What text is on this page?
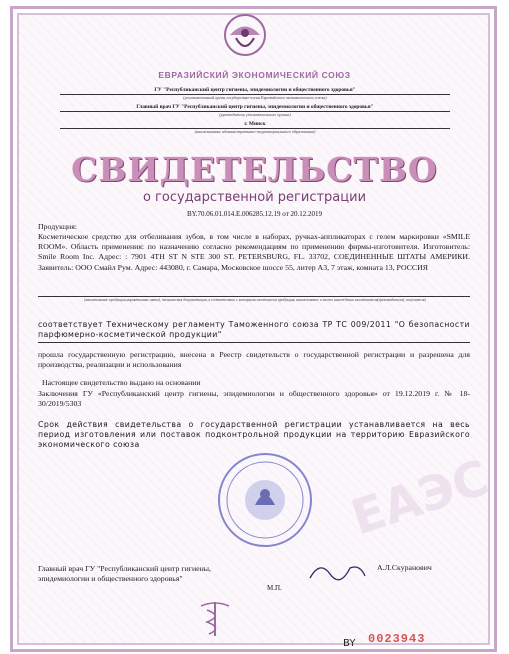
ЕВРАЗИЙСКИЙ ЭКОНОМИЧЕСКИЙ СОЮЗ
ГУ "Республиканский центр гигиены, эпидемиологии и общественного здоровья"
(уполномоченный орган государства-члена Евразийского экономического союза)
Главный врач ГУ "Республиканский центр гигиены, эпидемиологии и общественного здоровья"
(руководитель уполномоченного органа)
г. Минск
(наименование административно-территориального образования)
СВИДЕТЕЛЬСТВО
о государственной регистрации
BY.70.06.01.014.Е.006285.12.19 от 20.12.2019
Продукция:
Косметическое средство для отбеливания зубов, в том числе в наборах, ручках-аппликаторах с гелем маркировки «SMILE ROOM». Область применения: по назначению согласно рекомендациям по применению фирмы-изготовителя. Изготовитель: Smile Room Inc. Адрес: : 7901 4TH ST N STE 300 ST. PETERSBURG, FL. 33702, СОЕДИНЕННЫЕ ШТАТЫ АМЕРИКИ. Заявитель: ООО Смайл Рум. Адрес: 443080, г. Самара, Московское шоссе 55, литер А3, 7 этаж, комната 13, РОССИЯ
(наименование продукции,нормативные акты), техническая документация, в соответствии с которыми изготовлена продукция, наименование и место нахождения изготовителя(производителя), получателя)
соответствует Техническому регламенту Таможенного союза ТР ТС 009/2011 "О безопасности парфюмерно-косметической продукции"
прошла государственную регистрацию, внесена в Реестр свидетельств о государственной регистрации и разрешена для производства, реализации и использования
Настоящее свидетельство выдано на основании
Заключения ГУ «Республиканский центр гигиены, эпидемиологии и общественного здоровья» от 19.12.2019 г. № 18-30/2019/5303
Срок действия свидетельства о государственной регистрации устанавливается на весь период изготовления или поставок подконтрольной продукции на территорию Евразийского экономического союза
ЕАЭС
Главный врач ГУ "Республиканский центр гигиены, эпидемиологии и общественного здоровья"
А.Л.Скуранович
М.П.
BY 0023943
